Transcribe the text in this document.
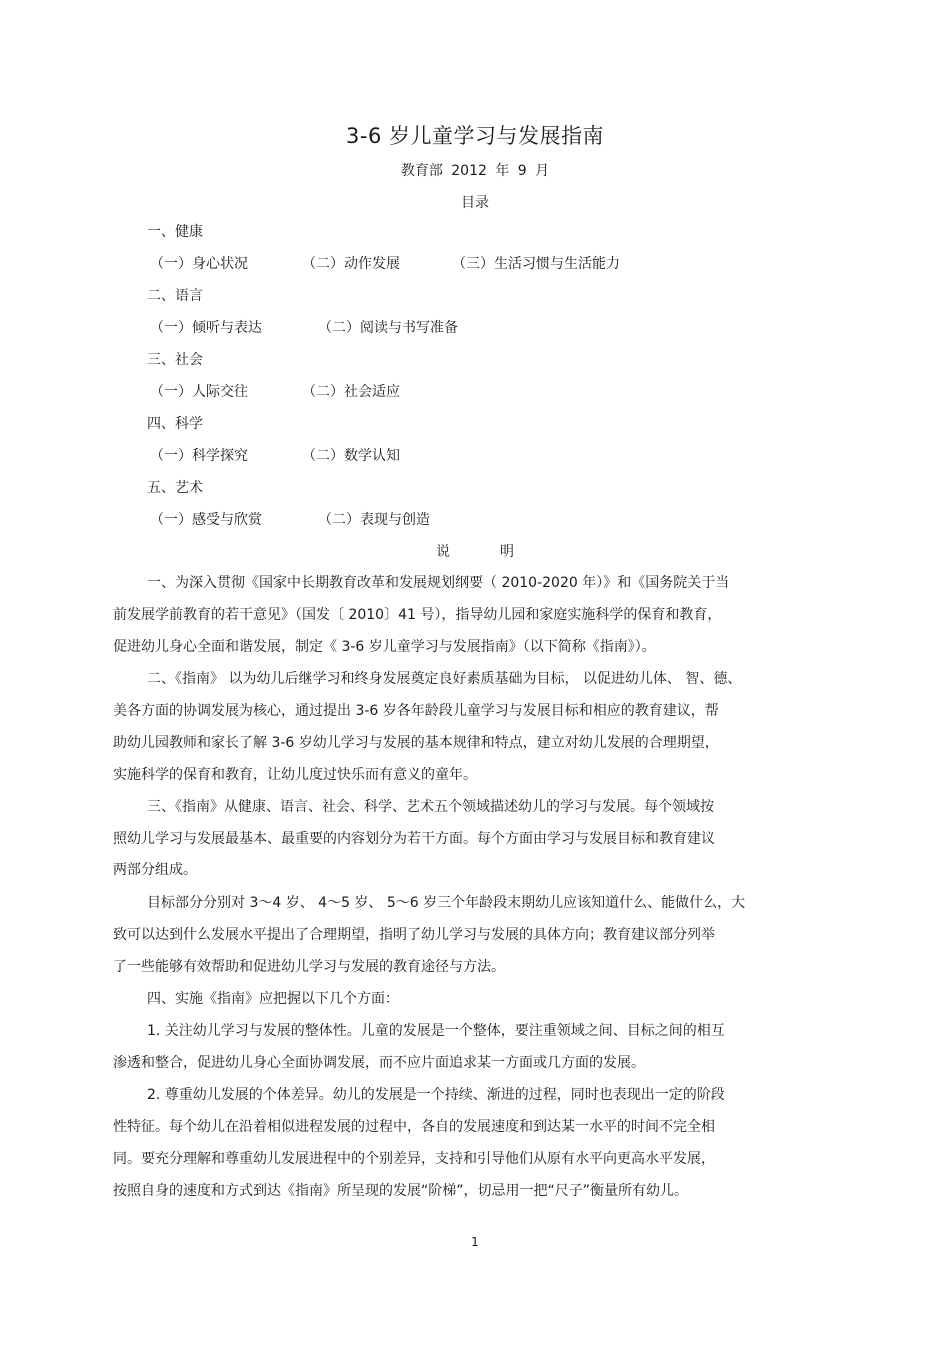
3-6 岁儿童学习与发展指南
教育部 2012 年 9 月
目录
一、健康
（一）身心状况	（二）动作发展	（三）生活习惯与生活能力
二、语言
（一）倾听与表达	（二）阅读与书写准备
三、社会
（一）人际交往	（二）社会适应
四、科学
（一）科学探究	（二）数学认知
五、艺术
（一）感受与欣赏	（二）表现与创造
说明
一、为深入贯彻《国家中长期教育改革和发展规划纲要（ 2010-2020 年）》和《国务院关于当
前发展学前教育的若干意见》（国发〔 2010〕41 号），指导幼儿园和家庭实施科学的保育和教育，
促进幼儿身心全面和谐发展，制定《 3-6 岁儿童学习与发展指南》（以下简称《指南》）。
二、《指南》 以为幼儿后继学习和终身发展奠定良好素质基础为目标， 以促进幼儿体、 智、德、
美各方面的协调发展为核心，通过提出 3-6 岁各年龄段儿童学习与发展目标和相应的教育建议，帮
助幼儿园教师和家长了解 3-6 岁幼儿学习与发展的基本规律和特点，建立对幼儿发展的合理期望，
实施科学的保育和教育，让幼儿度过快乐而有意义的童年。
三、《指南》从健康、语言、社会、科学、艺术五个领域描述幼儿的学习与发展。每个领域按
照幼儿学习与发展最基本、最重要的内容划分为若干方面。每个方面由学习与发展目标和教育建议
两部分组成。
目标部分分别对 3～4 岁、 4～5 岁、 5～6 岁三个年龄段末期幼儿应该知道什么、能做什么，大
致可以达到什么发展水平提出了合理期望，指明了幼儿学习与发展的具体方向；教育建议部分列举
了一些能够有效帮助和促进幼儿学习与发展的教育途径与方法。
四、实施《指南》应把握以下几个方面：
1. 关注幼儿学习与发展的整体性。儿童的发展是一个整体，要注重领域之间、目标之间的相互
渗透和整合，促进幼儿身心全面协调发展，而不应片面追求某一方面或几方面的发展。
2. 尊重幼儿发展的个体差异。幼儿的发展是一个持续、渐进的过程，同时也表现出一定的阶段
性特征。每个幼儿在沿着相似进程发展的过程中，各自的发展速度和到达某一水平的时间不完全相
同。要充分理解和尊重幼儿发展进程中的个别差异，支持和引导他们从原有水平向更高水平发展，
按照自身的速度和方式到达《指南》所呈现的发展“阶梯”，切忌用一把“尺子”衡量所有幼儿。
1
